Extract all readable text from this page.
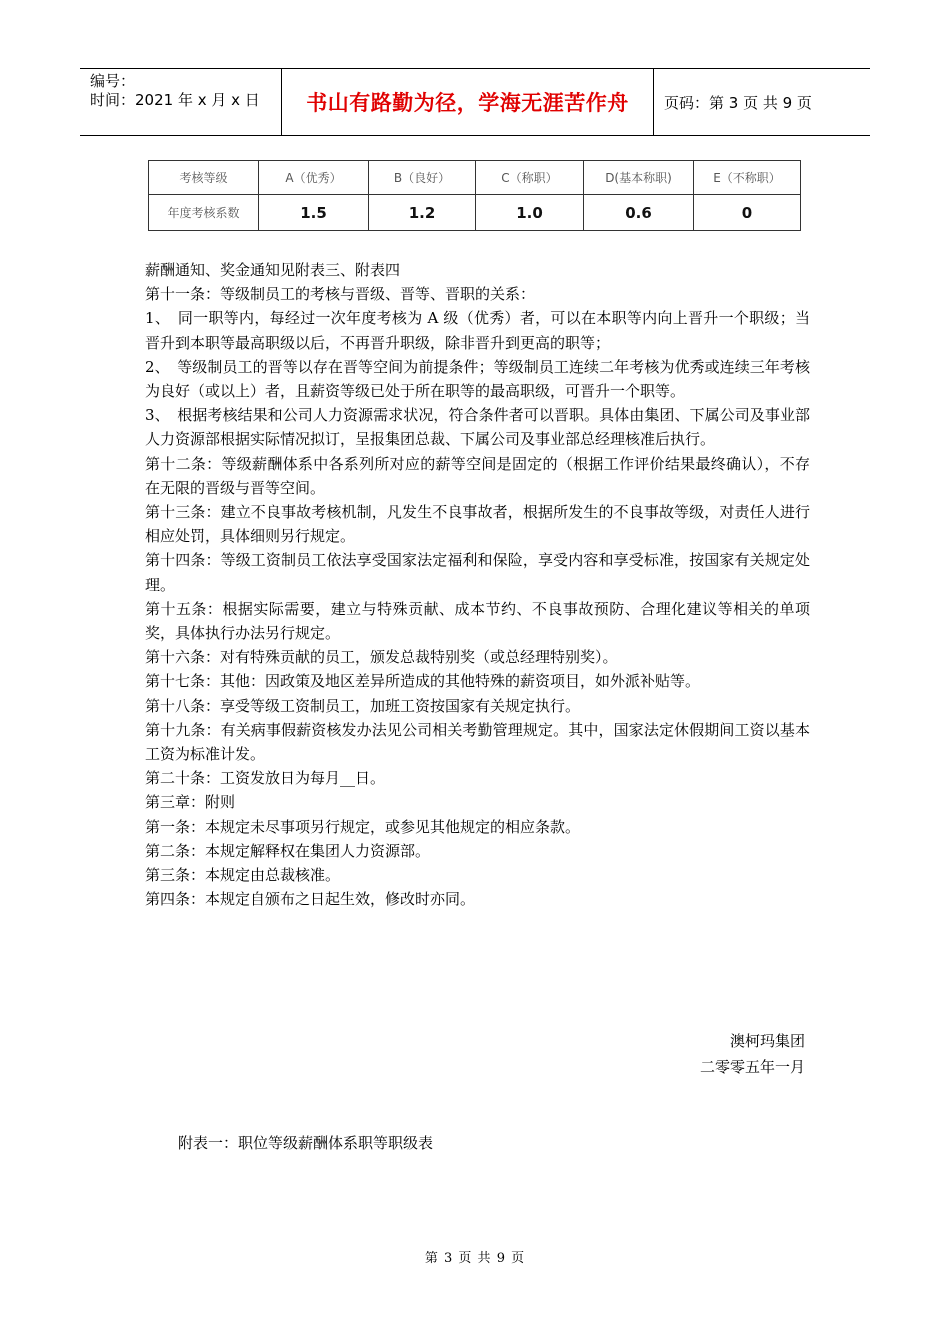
编号：
时间：2021 年 x 月 x 日	书山有路勤为径，学海无涯苦作舟	页码：第 3 页 共 9 页
考核等级	A（优秀）	B（良好）	C（称职）	D(基本称职)	E（不称职）
年度考核系数	1.5	1.2	1.0	0.6	0

薪酬通知、奖金通知见附表三、附表四

第十一条：等级制员工的考核与晋级、晋等、晋职的关系：

1、　同一职等内，每经过一次年度考核为 A 级（优秀）者，可以在本职等内向上晋升一个职级；当晋升到本职等最高职级以后，不再晋升职级，除非晋升到更高的职等；

2、　等级制员工的晋等以存在晋等空间为前提条件；等级制员工连续二年考核为优秀或连续三年考核为良好（或以上）者，且薪资等级已处于所在职等的最高职级，可晋升一个职等。

3、　根据考核结果和公司人力资源需求状况，符合条件者可以晋职。具体由集团、下属公司及事业部人力资源部根据实际情况拟订，呈报集团总裁、下属公司及事业部总经理核准后执行。

第十二条：等级薪酬体系中各系列所对应的薪等空间是固定的（根据工作评价结果最终确认），不存在无限的晋级与晋等空间。

第十三条：建立不良事故考核机制，凡发生不良事故者，根据所发生的不良事故等级，对责任人进行相应处罚，具体细则另行规定。

第十四条：等级工资制员工依法享受国家法定福利和保险，享受内容和享受标准，按国家有关规定处理。

第十五条：根据实际需要，建立与特殊贡献、成本节约、不良事故预防、合理化建议等相关的单项奖，具体执行办法另行规定。

第十六条：对有特殊贡献的员工，颁发总裁特别奖（或总经理特别奖）。

第十七条：其他：因政策及地区差异所造成的其他特殊的薪资项目，如外派补贴等。

第十八条：享受等级工资制员工，加班工资按国家有关规定执行。

第十九条：有关病事假薪资核发办法见公司相关考勤管理规定。其中，国家法定休假期间工资以基本工资为标准计发。

第二十条：工资发放日为每月__日。

第三章：附则

第一条：本规定未尽事项另行规定，或参见其他规定的相应条款。

第二条：本规定解释权在集团人力资源部。

第三条：本规定由总裁核准。

第四条：本规定自颁布之日起生效，修改时亦同。

澳柯玛集团
二零零五年一月
附表一：职位等级薪酬体系职等职级表
第 3 页 共 9 页
